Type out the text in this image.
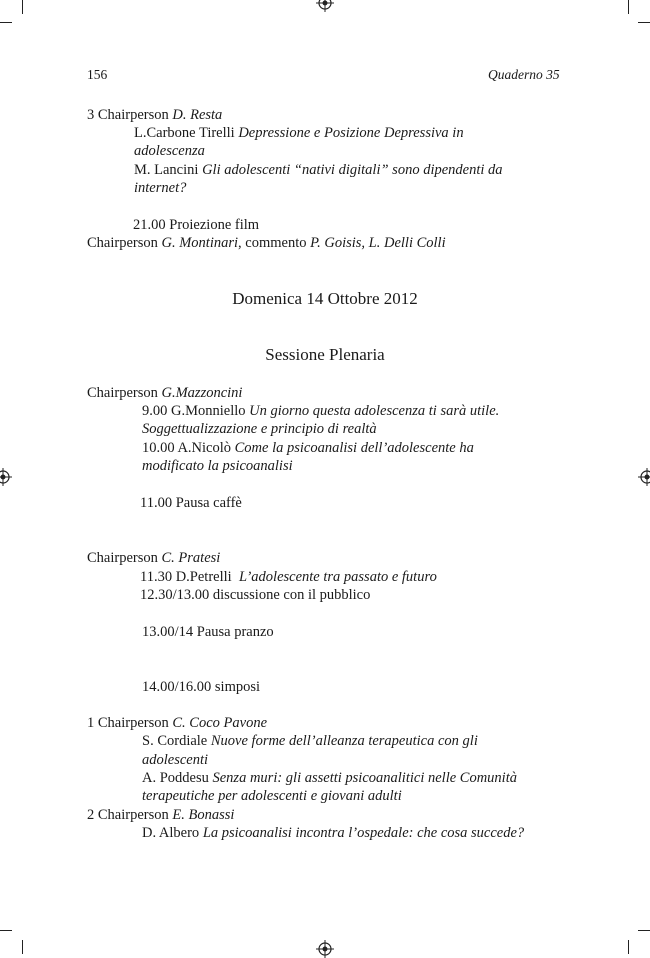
156	Quaderno 35
3 Chairperson D. Resta
L.Carbone Tirelli Depressione e Posizione Depressiva in
adolescenza
M. Lancini Gli adolescenti “nativi digitali” sono dipendenti da
internet?
21.00 Proiezione film
Chairperson G. Montinari, commento P. Goisis, L. Delli Colli
Domenica 14 Ottobre 2012
Sessione Plenaria
Chairperson G.Mazzoncini
9.00 G.Monniello Un giorno questa adolescenza ti sarà utile.
Soggettualizzazione e principio di realtà
10.00 A.Nicolò Come la psicoanalisi dell’adolescente ha
modificato la psicoanalisi
11.00 Pausa caffè
Chairperson C. Pratesi
11.30 D.Petrelli L’adolescente tra passato e futuro
12.30/13.00 discussione con il pubblico
13.00/14 Pausa pranzo
14.00/16.00 simposi
1 Chairperson C. Coco Pavone
S. Cordiale Nuove forme dell’alleanza terapeutica con gli
adolescenti
A. Poddesu Senza muri: gli assetti psicoanalitici nelle Comunità
terapeutiche per adolescenti e giovani adulti
2 Chairperson E. Bonassi
D. Albero La psicoanalisi incontra l’ospedale: che cosa succede?
